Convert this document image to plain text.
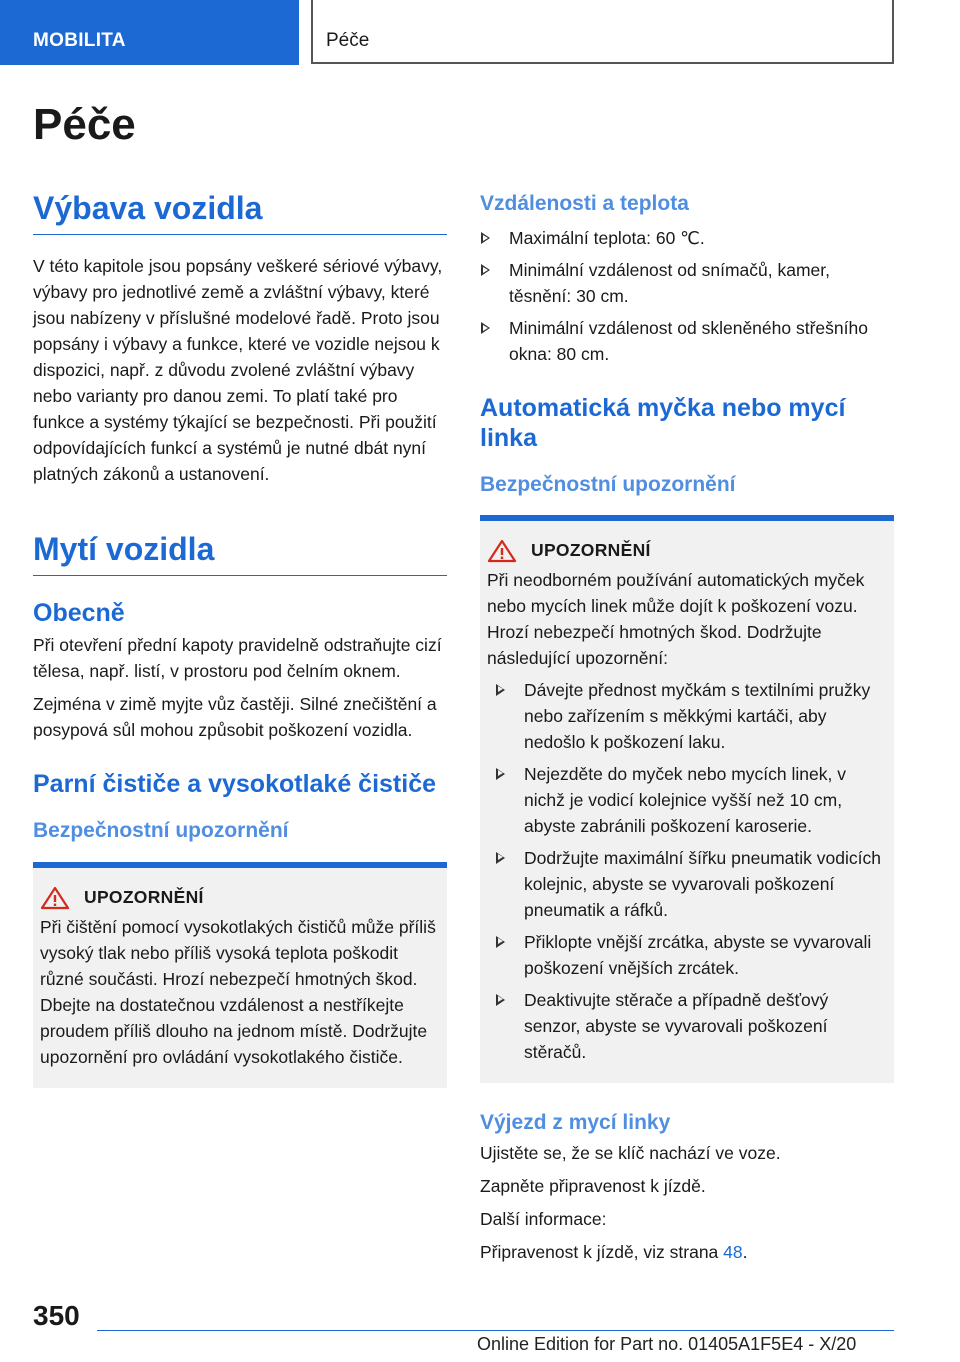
MOBILITA	Péče
Péče
Výbava vozidla

V této kapitole jsou popsány veškeré sériové výbavy, výbavy pro jednotlivé země a zvláštní výbavy, které jsou nabízeny v příslušné modelové řadě. Proto jsou popsány i výbavy a funkce, které ve vozidle nejsou k dispozici, např. z důvodu zvolené zvláštní výbavy nebo varianty pro danou zemi. To platí také pro funkce a systémy týkající se bezpečnosti. Při použití odpovídajících funkcí a systémů je nutné dbát nyní platných zákonů a ustanovení.

Mytí vozidla
Obecně

Při otevření přední kapoty pravidelně odstraňujte cizí tělesa, např. listí, v prostoru pod čelním oknem.

Zejména v zimě myjte vůz častěji. Silné znečištění a posypová sůl mohou způsobit poškození vozidla.

Parní čističe a vysokotlaké čističe
Bezpečnostní upozornění
UPOZORNĚNÍ

Při čištění pomocí vysokotlakých čističů může příliš vysoký tlak nebo příliš vysoká teplota poškodit různé součásti. Hrozí nebezpečí hmotných škod. Dbejte na dostatečnou vzdálenost a nestříkejte proudem příliš dlouho na jednom místě. Dodržujte upozornění pro ovládání vysokotlakého čističe.

Vzdálenosti a teplota
Maximální teplota: 60 ℃.
Minimální vzdálenost od snímačů, kamer, těsnění: 30 cm.
Minimální vzdálenost od skleněného střešního okna: 80 cm.
Automatická myčka nebo mycí linka
Bezpečnostní upozornění
UPOZORNĚNÍ

Při neodborném používání automatických myček nebo mycích linek může dojít k poškození vozu. Hrozí nebezpečí hmotných škod. Dodržujte následující upozornění:

Dávejte přednost myčkám s textilními pružky nebo zařízením s měkkými kartáči, aby nedošlo k poškození laku.
Nejezděte do myček nebo mycích linek, v nichž je vodicí kolejnice vyšší než 10 cm, abyste zabránili poškození karoserie.
Dodržujte maximální šířku pneumatik vodicích kolejnic, abyste se vyvarovali poškození pneumatik a ráfků.
Přiklopte vnější zrcátka, abyste se vyvarovali poškození vnějších zrcátek.
Deaktivujte stěrače a případně dešťový senzor, abyste se vyvarovali poškození stěračů.
Výjezd z mycí linky

Ujistěte se, že se klíč nachází ve voze.

Zapněte připravenost k jízdě.

Další informace:

Připravenost k jízdě, viz strana 48.

350
Online Edition for Part no. 01405A1F5E4 - X/20
